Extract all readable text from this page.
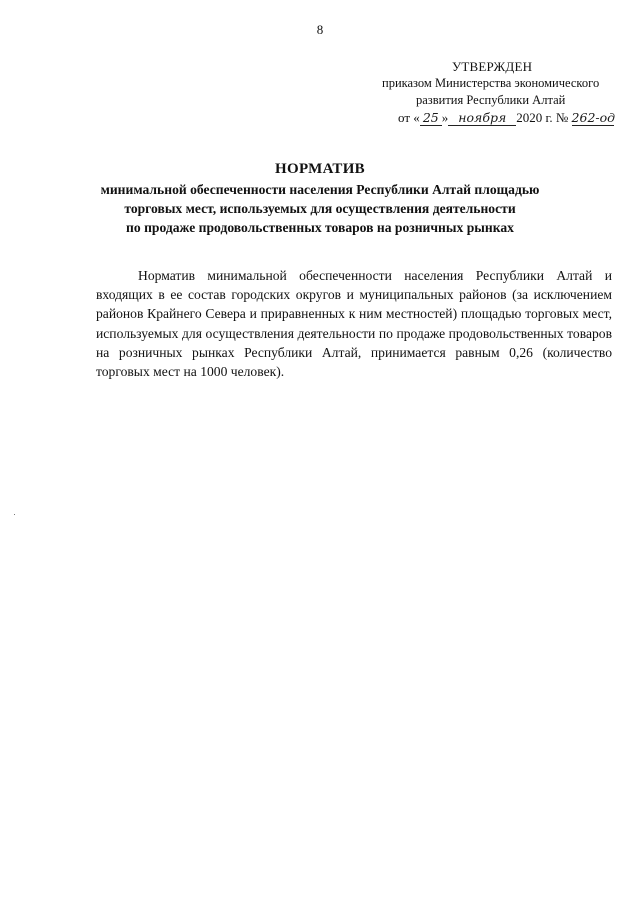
8
УТВЕРЖДЕН
приказом Министерства экономического
развития Республики Алтай
от « 25 » ноября 2020 г. № 262-од
НОРМАТИВ
минимальной обеспеченности населения Республики Алтай площадью
торговых мест, используемых для осуществления деятельности
по продаже продовольственных товаров на розничных рынках
Норматив минимальной обеспеченности населения Республики Алтай и входящих в ее состав городских округов и муниципальных районов (за исключением районов Крайнего Севера и приравненных к ним местностей) площадью торговых мест, используемых для осуществления деятельности по продаже продовольственных товаров на розничных рынках Республики Алтай, принимается равным 0,26 (количество торговых мест на 1000 человек).
